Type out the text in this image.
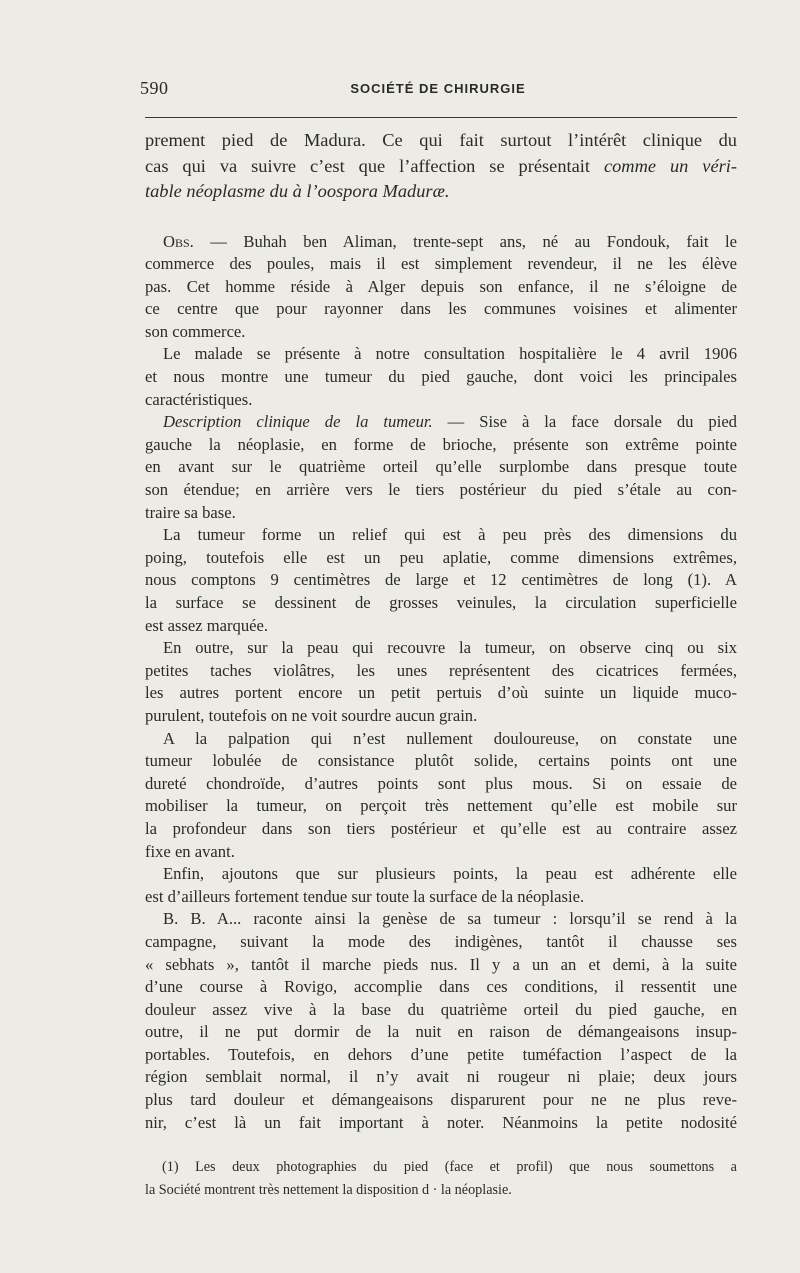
590	SOCIÉTÉ DE CHIRURGIE
prement pied de Madura. Ce qui fait surtout l’intérêt clinique du
cas qui va suivre c’est que l’affection se présentait comme un véri-
table néoplasme du à l’oospora Maduræ.
Obs. — Buhah ben Aliman, trente-sept ans, né au Fondouk, fait le
commerce des poules, mais il est simplement revendeur, il ne les élève
pas. Cet homme réside à Alger depuis son enfance, il ne s’éloigne de
ce centre que pour rayonner dans les communes voisines et alimenter
son commerce.
Le malade se présente à notre consultation hospitalière le 4 avril 1906
et nous montre une tumeur du pied gauche, dont voici les principales
caractéristiques.
Description clinique de la tumeur. — Sise à la face dorsale du pied
gauche la néoplasie, en forme de brioche, présente son extrême pointe
en avant sur le quatrième orteil qu’elle surplombe dans presque toute
son étendue; en arrière vers le tiers postérieur du pied s’étale au con-
traire sa base.
La tumeur forme un relief qui est à peu près des dimensions du
poing, toutefois elle est un peu aplatie, comme dimensions extrêmes,
nous comptons 9 centimètres de large et 12 centimètres de long (1). A
la surface se dessinent de grosses veinules, la circulation superficielle
est assez marquée.
En outre, sur la peau qui recouvre la tumeur, on observe cinq ou six
petites taches violâtres, les unes représentent des cicatrices fermées,
les autres portent encore un petit pertuis d’où suinte un liquide muco-
purulent, toutefois on ne voit sourdre aucun grain.
A la palpation qui n’est nullement douloureuse, on constate une
tumeur lobulée de consistance plutôt solide, certains points ont une
dureté chondroïde, d’autres points sont plus mous. Si on essaie de
mobiliser la tumeur, on perçoit très nettement qu’elle est mobile sur
la profondeur dans son tiers postérieur et qu’elle est au contraire assez
fixe en avant.
Enfin, ajoutons que sur plusieurs points, la peau est adhérente elle
est d’ailleurs fortement tendue sur toute la surface de la néoplasie.
B. B. A... raconte ainsi la genèse de sa tumeur : lorsqu’il se rend à la
campagne, suivant la mode des indigènes, tantôt il chausse ses
« sebhats », tantôt il marche pieds nus. Il y a un an et demi, à la suite
d’une course à Rovigo, accomplie dans ces conditions, il ressentit une
douleur assez vive à la base du quatrième orteil du pied gauche, en
outre, il ne put dormir de la nuit en raison de démangeaisons insup-
portables. Toutefois, en dehors d’une petite tuméfaction l’aspect de la
région semblait normal, il n’y avait ni rougeur ni plaie; deux jours
plus tard douleur et démangeaisons disparurent pour ne ne plus reve-
nir, c’est là un fait important à noter. Néanmoins la petite nodosité
(1) Les deux photographies du pied (face et profil) que nous soumettons a
la Société montrent très nettement la disposition d · la néoplasie.
